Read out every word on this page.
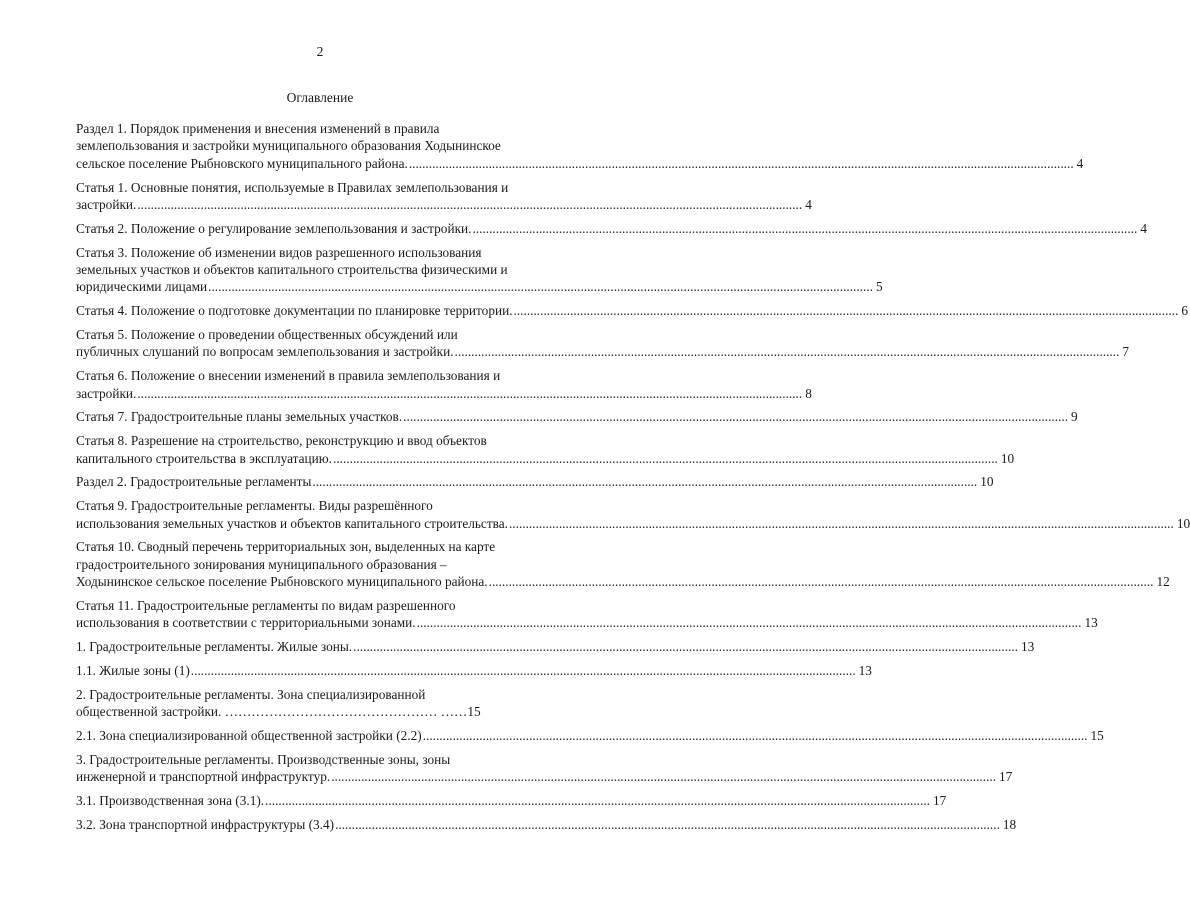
2
Оглавление
Раздел 1. Порядок применения и внесения изменений в правила
землепользования и застройки муниципального образования Ходынинское
сельское поселение Рыбновского муниципального района. ........................................................................................................................................................................................................ 4
Статья 1. Основные понятия, используемые в Правилах землепользования и
застройки. ........................................................................................................................................................................................................ 4
Статья 2. Положение о регулирование землепользования и застройки. ........................................................................................................................................................................................................ 4
Статья 3. Положение об изменении видов разрешенного использования
земельных участков и объектов капитального строительства физическими и
юридическими лицами ........................................................................................................................................................................................................ 5
Статья 4. Положение о подготовке документации по планировке территории. ........................................................................................................................................................................................................ 6
Статья 5. Положение о проведении общественных обсуждений или
публичных слушаний по вопросам землепользования и застройки. ........................................................................................................................................................................................................ 7
Статья 6. Положение о внесении изменений в правила землепользования и
застройки. ........................................................................................................................................................................................................ 8
Статья 7. Градостроительные планы земельных участков. ........................................................................................................................................................................................................ 9
Статья 8. Разрешение на строительство, реконструкцию и ввод объектов
капитального строительства в эксплуатацию. ........................................................................................................................................................................................................ 10
Раздел 2. Градостроительные регламенты ........................................................................................................................................................................................................ 10
Статья 9. Градостроительные регламенты. Виды разрешённого
использования земельных участков и объектов капитального строительства. ........................................................................................................................................................................................................ 10
Статья 10. Сводный перечень территориальных зон, выделенных на карте
градостроительного зонирования муниципального образования –
Ходынинское сельское поселение Рыбновского муниципального района. ........................................................................................................................................................................................................ 12
Статья 11. Градостроительные регламенты по видам разрешенного
использования в соответствии с территориальными зонами. ........................................................................................................................................................................................................ 13
1. Градостроительные регламенты. Жилые зоны. ........................................................................................................................................................................................................ 13
1.1. Жилые зоны (1) ........................................................................................................................................................................................................ 13
2. Градостроительные регламенты. Зона специализированной
общественной застройки. ………………………………………… ……15
2.1. Зона специализированной общественной застройки (2.2) ........................................................................................................................................................................................................ 15
3. Градостроительные регламенты. Производственные зоны, зоны
инженерной и транспортной инфраструктур. ........................................................................................................................................................................................................ 17
3.1. Производственная зона (3.1). ........................................................................................................................................................................................................ 17
3.2. Зона транспортной инфраструктуры (3.4) ........................................................................................................................................................................................................ 18
